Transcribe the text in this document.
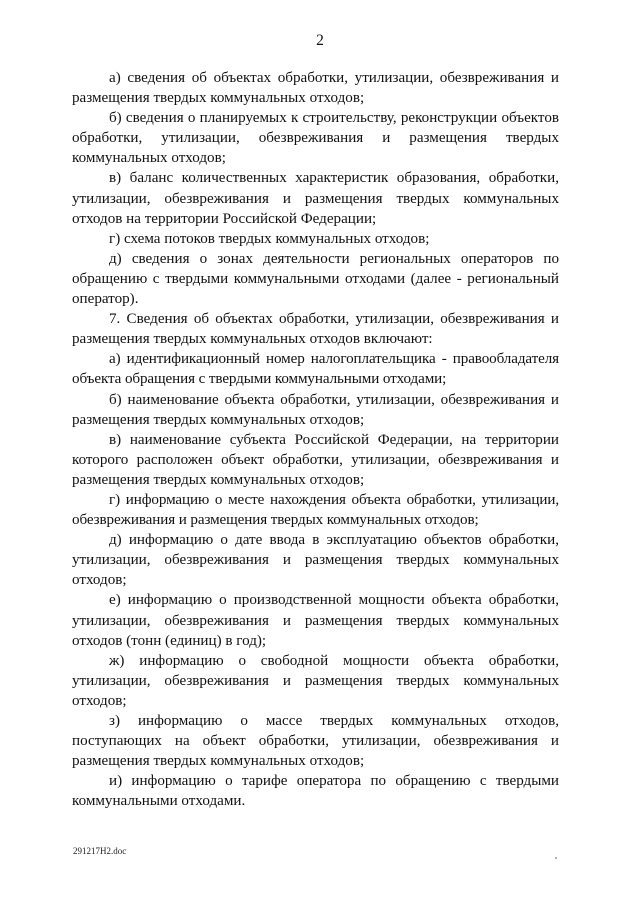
2

а) сведения об объектах обработки, утилизации, обезвреживания и размещения твердых коммунальных отходов;

б) сведения о планируемых к строительству, реконструкции объектов обработки, утилизации, обезвреживания и размещения твердых коммунальных отходов;

в) баланс количественных характеристик образования, обработки, утилизации, обезвреживания и размещения твердых коммунальных отходов на территории Российской Федерации;

г) схема потоков твердых коммунальных отходов;

д) сведения о зонах деятельности региональных операторов по обращению с твердыми коммунальными отходами (далее - региональный оператор).

7. Сведения об объектах обработки, утилизации, обезвреживания и размещения твердых коммунальных отходов включают:

а) идентификационный номер налогоплательщика - правообладателя объекта обращения с твердыми коммунальными отходами;

б) наименование объекта обработки, утилизации, обезвреживания и размещения твердых коммунальных отходов;

в) наименование субъекта Российской Федерации, на территории которого расположен объект обработки, утилизации, обезвреживания и размещения твердых коммунальных отходов;

г) информацию о месте нахождения объекта обработки, утилизации, обезвреживания и размещения твердых коммунальных отходов;

д) информацию о дате ввода в эксплуатацию объектов обработки, утилизации, обезвреживания и размещения твердых коммунальных отходов;

е) информацию о производственной мощности объекта обработки, утилизации, обезвреживания и размещения твердых коммунальных отходов (тонн (единиц) в год);

ж) информацию о свободной мощности объекта обработки, утилизации, обезвреживания и размещения твердых коммунальных отходов;

з) информацию о массе твердых коммунальных отходов, поступающих на объект обработки, утилизации, обезвреживания и размещения твердых коммунальных отходов;

и) информацию о тарифе оператора по обращению с твердыми коммунальными отходами.

291217H2.doc
